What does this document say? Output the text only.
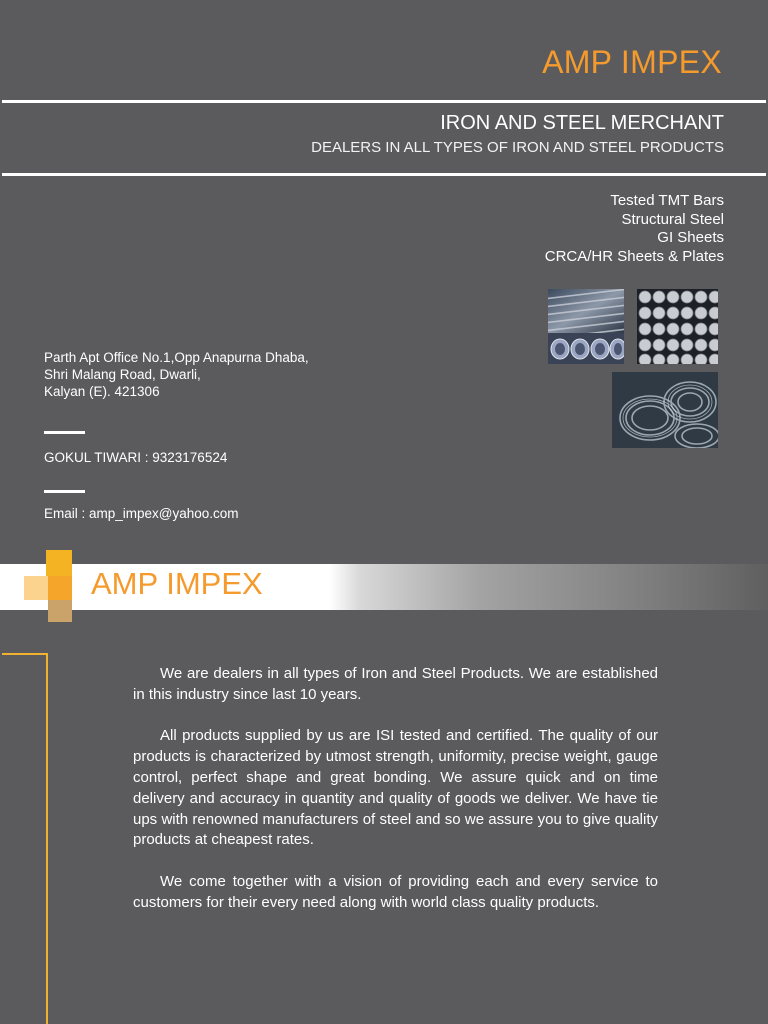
AMP IMPEX
IRON AND STEEL MERCHANT
DEALERS IN ALL TYPES OF IRON AND STEEL PRODUCTS
Tested TMT Bars
Structural Steel
GI Sheets
CRCA/HR Sheets & Plates
Parth Apt Office No.1,Opp Anapurna Dhaba,
Shri Malang Road, Dwarli,
Kalyan (E). 421306
GOKUL TIWARI : 9323176524
Email : amp_impex@yahoo.com
AMP IMPEX

We are dealers in all types of Iron and Steel Products. We are established in this industry since last 10 years.

All products supplied by us are ISI tested and certified. The quality of our products is characterized by utmost strength, uniformity, precise weight, gauge control, perfect shape and great bonding. We assure quick and on time delivery and accuracy in quantity and quality of goods we deliver. We have tie ups with renowned manufacturers of steel and so we assure you to give quality products at cheapest rates.

We come together with a vision of providing each and every service to customers for their every need along with world class quality products.
